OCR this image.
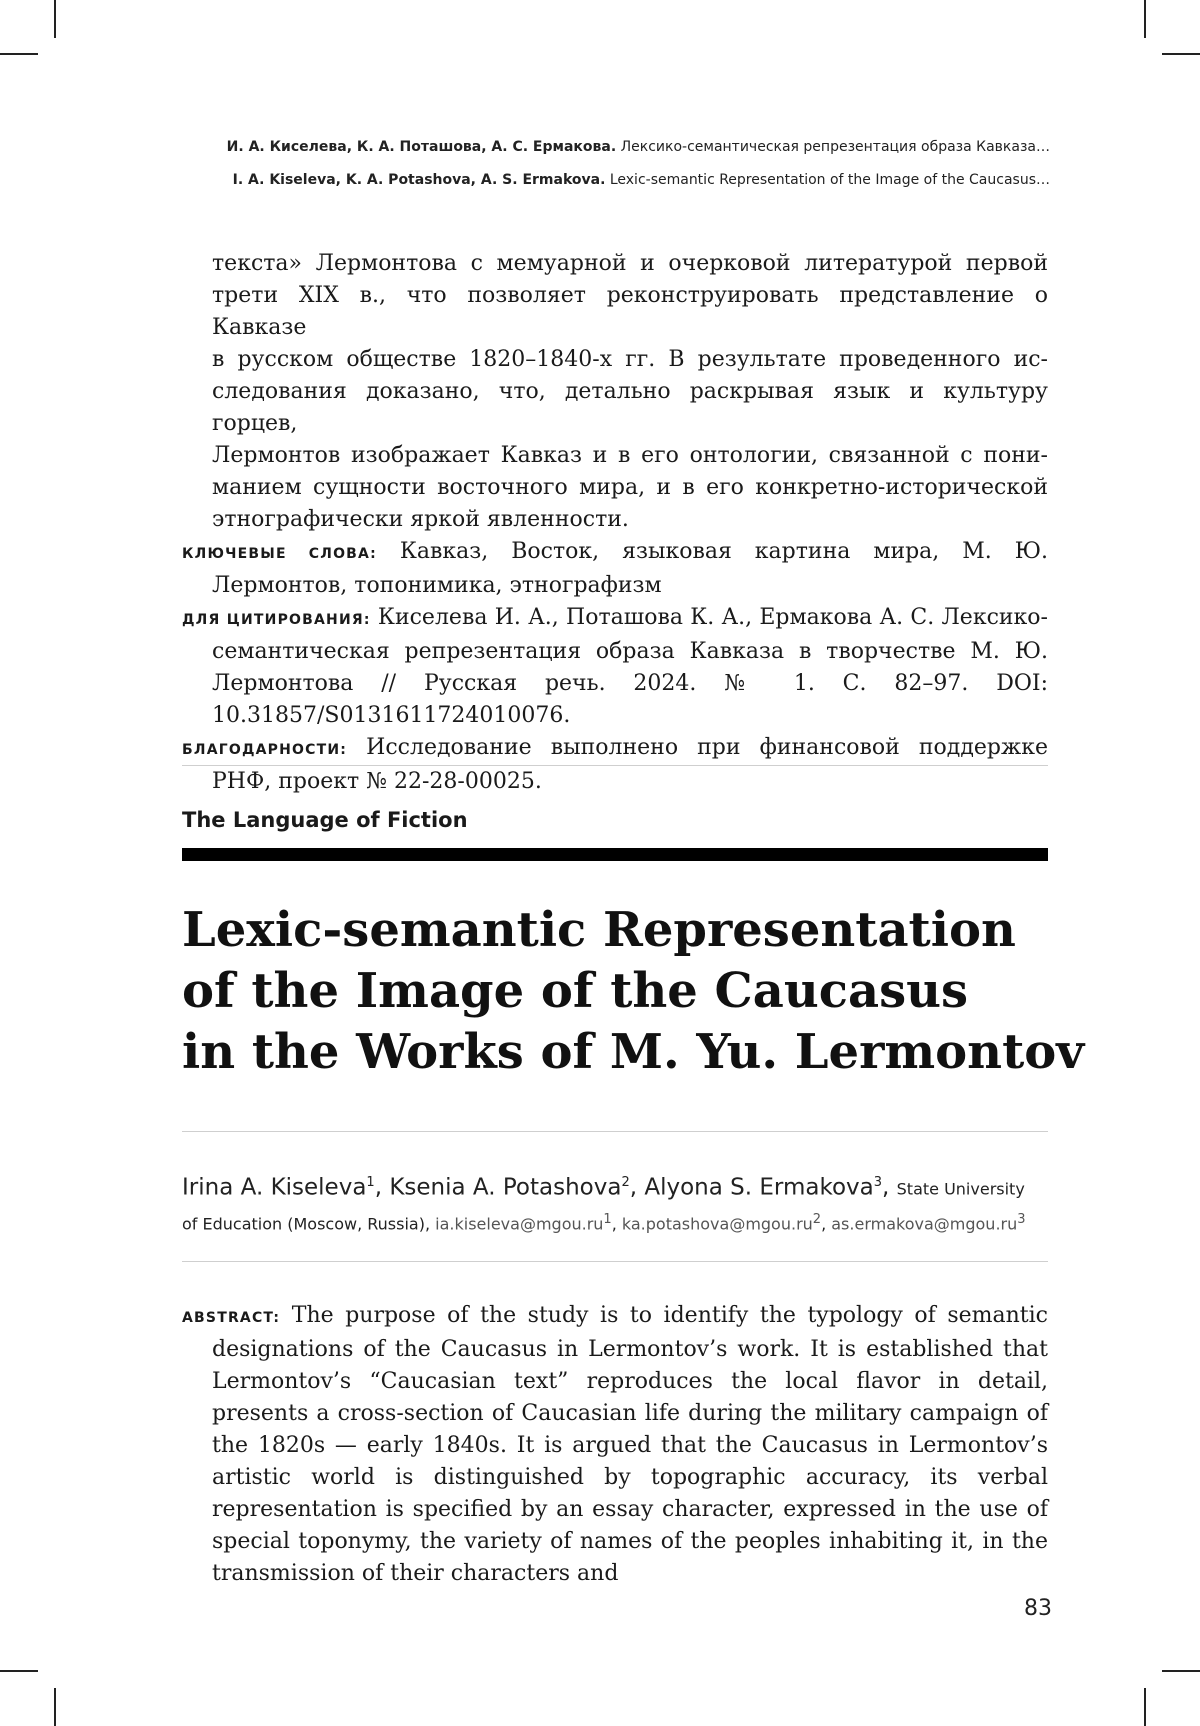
И. А. Киселева, К. А. Поташова, А. С. Ермакова. Лексико-семантическая репрезентация образа Кавказа…
I. A. Kiseleva, K. A. Potashova, A. S. Ermakova. Lexic-semantic Representation of the Image of the Caucasus…
текста» Лермонтова с мемуарной и очерковой литературой первой
трети XIX в., что позволяет реконструировать представление о Кавказе
в русском обществе 1820–1840-х гг. В результате проведенного ис-
следования доказано, что, детально раскрывая язык и культуру горцев,
Лермонтов изображает Кавказ и в его онтологии, связанной с пони-
манием сущности восточного мира, и в его конкретно-исторической
этнографически яркой явленности.
КЛЮЧЕВЫЕ СЛОВА: Кавказ, Восток, языковая картина мира, М. Ю. Лермонтов, топонимика, этнографизм
ДЛЯ ЦИТИРОВАНИЯ: Киселева И. А., Поташова К. А., Ермакова А. С. Лексико-семантическая репрезентация образа Кавказа в творчестве М. Ю. Лермонтова // Русская речь. 2024. № 1. С. 82–97. DOI: 10.31857/S0131611724010076.
БЛАГОДАРНОСТИ: Исследование выполнено при финансовой поддержке РНФ, проект № 22-28-00025.
The Language of Fiction
Lexic-semantic Representation
of the Image of the Caucasus
in the Works of M. Yu. Lermontov
Irina A. Kiseleva$^1$, Ksenia A. Potashova$^2$, Alyona S. Ermakova$^3$, State University
of Education (Moscow, Russia), $ia.kiseleva@mgou.ru^1$, $ka.potashova@mgou.ru^2$, $as.ermakova@mgou.ru^3$
ABSTRACT: The purpose of the study is to identify the typology of semantic designations of the Caucasus in Lermontov’s work. It is established that Lermontov’s “Caucasian text” reproduces the local flavor in detail, presents a cross-section of Caucasian life during the military campaign of the 1820s — early 1840s. It is argued that the Caucasus in Lermontov’s artistic world is distinguished by topographic accuracy, its verbal representation is specified by an essay character, expressed in the use of special toponymy, the variety of names of the peoples inhabiting it, in the transmission of their characters and
83
